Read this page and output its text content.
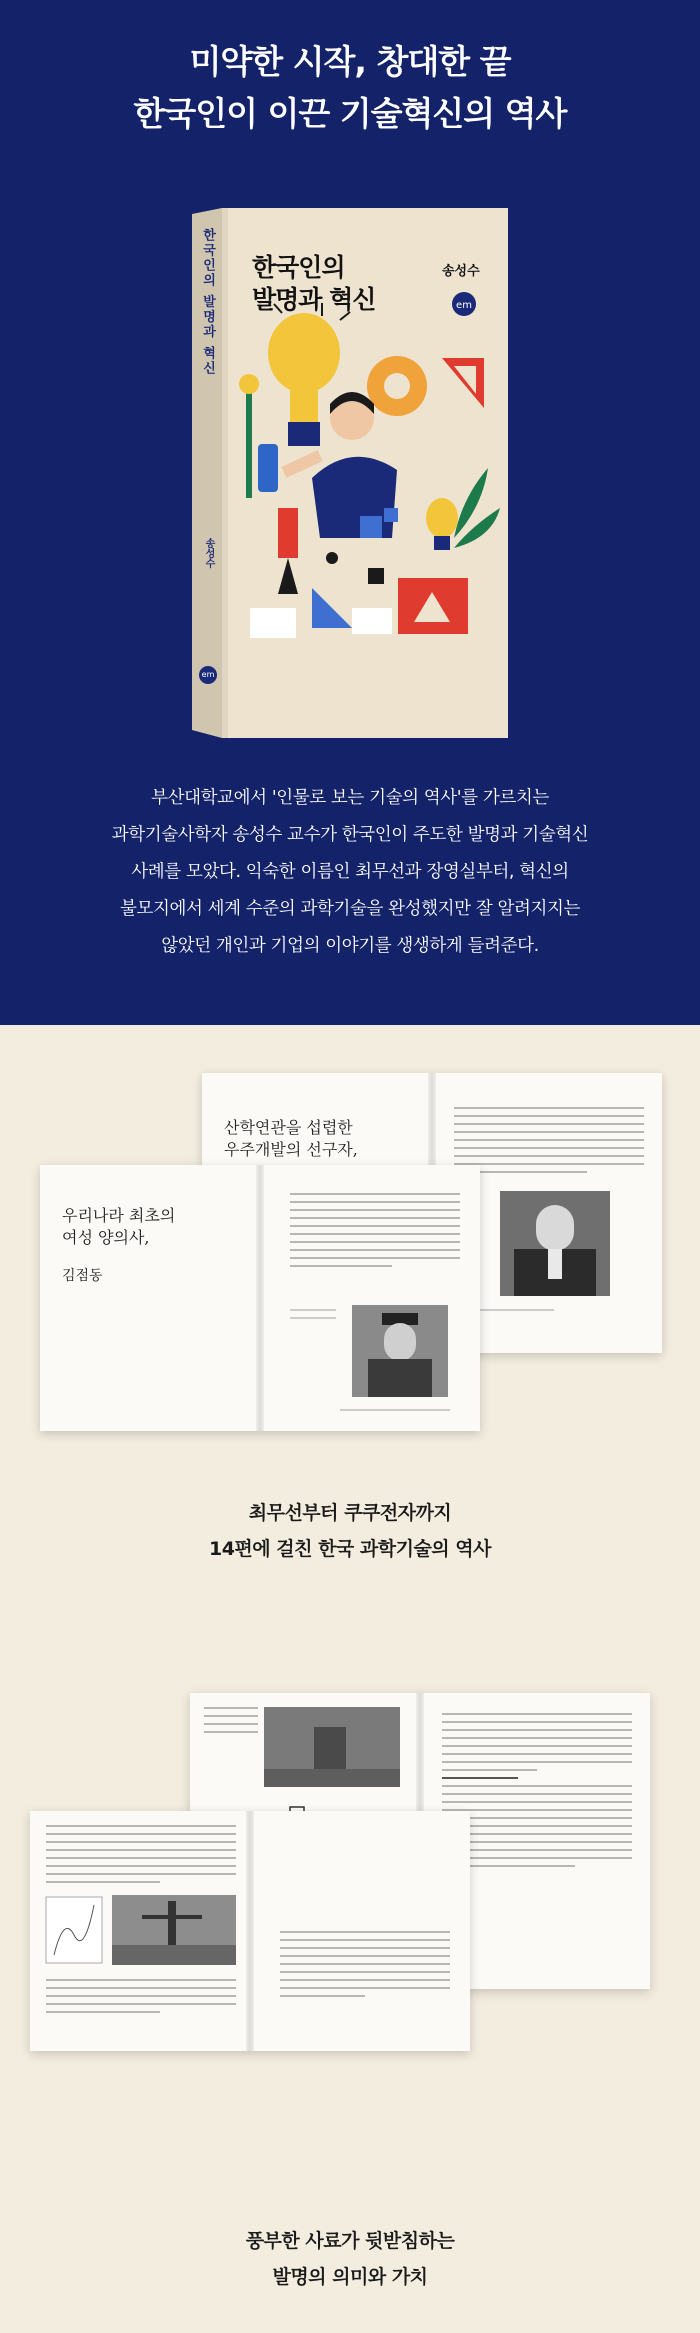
미약한 시작, 창대한 끝
한국인이 이끈 기술혁신의 역사
em
한국인의
발명과 혁신
송성수
한국인의 발명과 혁신
송성수
em
부산대학교에서 '인물로 보는 기술의 역사'를 가르치는
과학기술사학자 송성수 교수가 한국인이 주도한 발명과 기술혁신
사례를 모았다. 익숙한 이름인 최무선과 장영실부터, 혁신의
불모지에서 세계 수준의 과학기술을 완성했지만 잘 알려지지는
않았던 개인과 기업의 이야기를 생생하게 들려준다.
산학연관을 섭렵한
우주개발의 선구자,
우리나라 최초의
여성 양의사,
김점동
최무선부터 쿠쿠전자까지
14편에 걸친 한국 과학기술의 역사
풍부한 사료가 뒷받침하는
발명의 의미와 가치
